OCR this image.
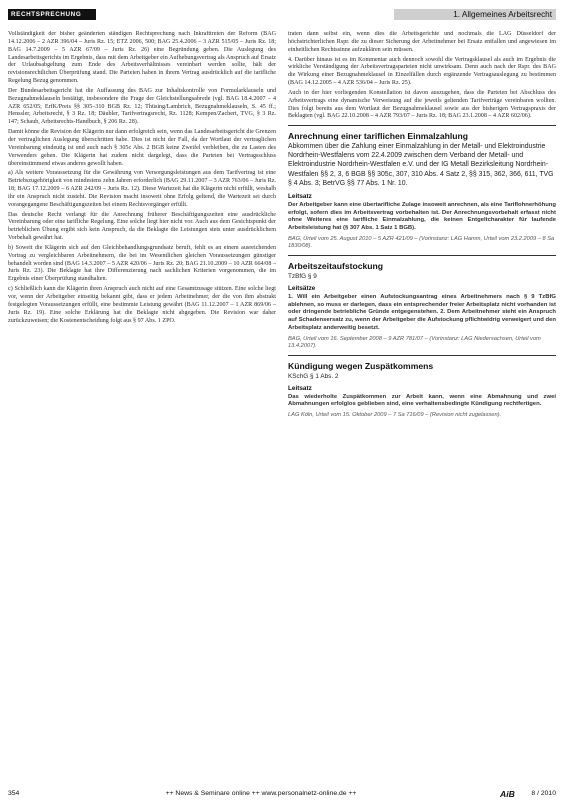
RECHTSPRECHUNG	1. Allgemeines Arbeitsrecht

Vollständigkeit der bisher geänderten ständigen Rechtsprechung nach Inkrafttreten der Reform (BAG 14.12.2006 – 2 AZR 396/04 – Juris Rz. 15; ETZ 2006, 500; BAG 25.4.2006 – 3 AZR 515/05 – Juris Rz. 18; BAG 14.7.2009 – 5 AZR 67/09 – Juris Rz. 26) eine Begründung geben. Die Auslegung des Landesarbeitsgerichts im Ergebnis, dass mit dem Arbeitgeber ein Aufhebungsvertrag als Anspruch auf Ersatz der Urlaubsabgeltung zum Ende des Arbeitsverhältnisses vereinbart werden sollte, hält der revisionsrechtlichen Überprüfung stand. Die Parteien haben in ihrem Vertrag ausdrücklich auf die tarifliche Regelung Bezug genommen.

Der Bundesarbeitsgericht hat die Auffassung des BAG zur Inhaltskontrolle von Formularklauseln und Bezugnahmeklauseln bestätigt, insbesondere die Frage der Gleichstellungsabrede (vgl. BAG 18.4.2007 – 4 AZR 652/05; ErfK/Preis §§ 305–310 BGB Rz. 12; Thüsing/Lambrich, Bezugnahmeklauseln, S. 45 ff.; Henssler, Arbeitsrecht, § 3 Rz. 18; Däubler, Tarifvertragsrecht, Rz. 1128; Kempen/Zachert, TVG, § 3 Rz. 147; Schaub, Arbeitsrechts-Handbuch, § 206 Rz. 28).

Damit könne die Revision der Klägerin nur dann erfolgreich sein, wenn das Landesarbeitsgericht die Grenzen der vertraglichen Auslegung überschritten habe. Dies ist nicht der Fall, da der Wortlaut der vertraglichen Vereinbarung eindeutig ist und auch nach § 305c Abs. 2 BGB keine Zweifel verbleiben, die zu Lasten des Verwenders gehen. Die Klägerin hat zudem nicht dargelegt, dass die Parteien bei Vertragsschluss übereinstimmend etwas anderes gewollt haben.

a) Als weitere Voraussetzung für die Gewährung von Versorgungsleistungen aus dem Tarifvertrag ist eine Betriebszugehörigkeit von mindestens zehn Jahren erforderlich (BAG 29.11.2007 – 3 AZR 763/06 – Juris Rz. 18; BAG 17.12.2009 – 6 AZR 242/09 – Juris Rz. 12). Diese Wartezeit hat die Klägerin nicht erfüllt, weshalb ihr ein Anspruch nicht zusteht. Die Revision macht insoweit ohne Erfolg geltend, die Wartezeit sei durch vorangegangene Beschäftigungszeiten bei einem Rechtsvorgänger erfüllt.

Das deutsche Recht verlangt für die Anrechnung früherer Beschäftigungszeiten eine ausdrückliche Vereinbarung oder eine tarifliche Regelung. Eine solche liegt hier nicht vor. Auch aus dem Gesichtspunkt der betrieblichen Übung ergibt sich kein Anspruch, da die Beklagte die Leistungen stets unter ausdrücklichem Vorbehalt gewährt hat.

b) Soweit die Klägerin sich auf den Gleichbehandlungsgrundsatz beruft, fehlt es an einem ausreichenden Vortrag zu vergleichbaren Arbeitnehmern, die bei im Wesentlichen gleichen Voraussetzungen günstiger behandelt worden sind (BAG 14.3.2007 – 5 AZR 420/06 – Juris Rz. 20; BAG 21.10.2009 – 10 AZR 664/08 – Juris Rz. 23). Die Beklagte hat ihre Differenzierung nach sachlichen Kriterien vorgenommen, die im Ergebnis einer Überprüfung standhalten.

c) Schließlich kann die Klägerin ihren Anspruch auch nicht auf eine Gesamtzusage stützen. Eine solche liegt vor, wenn der Arbeitgeber einseitig bekannt gibt, dass er jedem Arbeitnehmer, der die von ihm abstrakt festgelegten Voraussetzungen erfüllt, eine bestimmte Leistung gewährt (BAG 11.12.2007 – 1 AZR 869/06 – Juris Rz. 19). Eine solche Erklärung hat die Beklagte nicht abgegeben. Die Revision war daher zurückzuweisen; die Kostenentscheidung folgt aus § 97 Abs. 1 ZPO.

traten dann selbst ein, wenn dies die Arbeitsgerichte und nochmals die LAG Düsseldorf der höchstrichterlichen Rspr. die zu dieser Sicherung der Arbeitnehmer bei Ersatz entfallen und angewiesen im einheitlichen Rechtssinne aufzuklären sein müssen.

4. Darüber hinaus ist es im Kommentar auch dennoch sowohl die Vertragsklausel als auch im Ergebnis die wirkliche Verständigung der Arbeitsvertragsparteien nicht unwirksam. Denn auch nach der Rspr. des BAG die Wirkung einer Bezugnahmeklausel in Einzelfällen durch ergänzende Vertragsauslegung zu bestimmen (BAG 14.12.2005 – 4 AZR 536/04 – Juris Rz. 25).

Auch in der hier vorliegenden Konstellation ist davon auszugehen, dass die Parteien bei Abschluss des Arbeitsvertrags eine dynamische Verweisung auf die jeweils geltenden Tarifverträge vereinbaren wollten. Dies folgt bereits aus dem Wortlaut der Bezugnahmeklausel sowie aus der bisherigen Vertragspraxis der Beklagten (vgl. BAG 22.10.2008 – 4 AZR 793/07 – Juris Rz. 18; BAG 23.1.2008 – 4 AZR 602/06).

Anrechnung einer tariflichen Einmalzahlung

Abkommen über die Zahlung einer Einmalzahlung in der Metall- und Elektroindustrie Nordrhein-Westfalens vom 22.4.2009 zwischen dem Verband der Metall- und Elektroindustrie Nordrhein-Westfalen e.V. und der IG Metall Bezirksleitung Nordrhein-Westfalen §§ 2, 3, 6 BGB §§ 305c, 307, 310 Abs. 4 Satz 2, §§ 315, 362, 366, 611, TVG § 4 Abs. 3; BetrVG §§ 77 Abs. 1 Nr. 10.

Leitsatz

Der Arbeitgeber kann eine übertarifliche Zulage insoweit anrechnen, als eine Tariflohnerhöhung erfolgt, sofern dies im Arbeitsvertrag vorbehalten ist. Der Anrechnungsvorbehalt erfasst nicht ohne Weiteres eine tarifliche Einmalzahlung, die keinen Entgeltcharakter für laufende Arbeitsleistung hat (§ 307 Abs. 1 Satz 1 BGB).

BAG, Urteil vom 25. August 2010 – 5 AZR 421/09 – (Vorinstanz: LAG Hamm, Urteil vom 23.2.2009 – 8 Sa 1830/08).

Arbeitszeitaufstockung

TzBfG § 9

Leitsätze

1. Will ein Arbeitgeber einen Aufstockungsantrag eines Arbeitnehmers nach § 9 TzBfG ablehnen, so muss er darlegen, dass ein entsprechender freier Arbeitsplatz nicht vorhanden ist oder dringende betriebliche Gründe entgegenstehen. 2. Dem Arbeitnehmer steht ein Anspruch auf Schadensersatz zu, wenn der Arbeitgeber die Aufstockung pflichtwidrig verweigert und den Arbeitsplatz anderweitig besetzt.

BAG, Urteil vom 16. September 2008 – 9 AZR 781/07 – (Vorinstanz: LAG Niedersachsen, Urteil vom 13.4.2007).

Kündigung wegen Zuspätkommens

KSchG § 1 Abs. 2

Leitsatz

Das wiederholte Zuspätkommen zur Arbeit kann, wenn eine Abmahnung und zwei Abmahnungen erfolglos geblieben sind, eine verhaltensbedingte Kündigung rechtfertigen.

LAG Köln, Urteil vom 15. Oktober 2009 – 7 Sa 716/09 – (Revision nicht zugelassen).

354	++ News & Seminare online ++ www.personalnetz-online.de ++	AiB 8 / 2010
